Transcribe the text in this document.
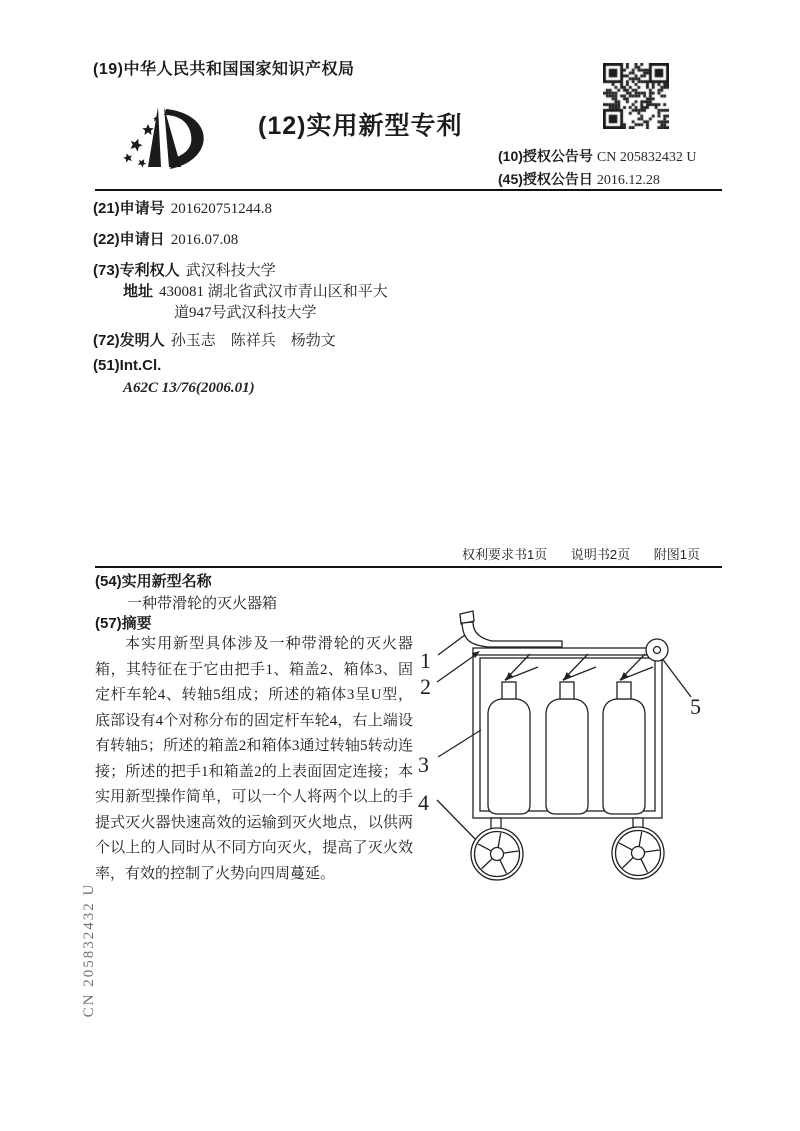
(19)中华人民共和国国家知识产权局
(12)实用新型专利
(10)授权公告号 CN 205832432 U
(45)授权公告日 2016.12.28
(21)申请号 201620751244.8
(22)申请日 2016.07.08
(73)专利权人 武汉科技大学
地址 430081 湖北省武汉市青山区和平大
道947号武汉科技大学
(72)发明人 孙玉志　陈祥兵　杨勃文
(51)Int.Cl.
A62C 13/76(2006.01)
权利要求书1页 说明书2页 附图1页
(54)实用新型名称
一种带滑轮的灭火器箱
(57)摘要
本实用新型具体涉及一种带滑轮的灭火器箱，其特征在于它由把手1、箱盖2、箱体3、固定杆车轮4、转轴5组成；所述的箱体3呈U型，底部设有4个对称分布的固定杆车轮4，右上端设有转轴5；所述的箱盖2和箱体3通过转轴5转动连接；所述的把手1和箱盖2的上表面固定连接；本实用新型操作简单，可以一个人将两个以上的手提式灭火器快速高效的运输到灭火地点，以供两个以上的人同时从不同方向灭火，提高了灭火效率，有效的控制了火势向四周蔓延。
1
2
3
4
5
CN 205832432 U
